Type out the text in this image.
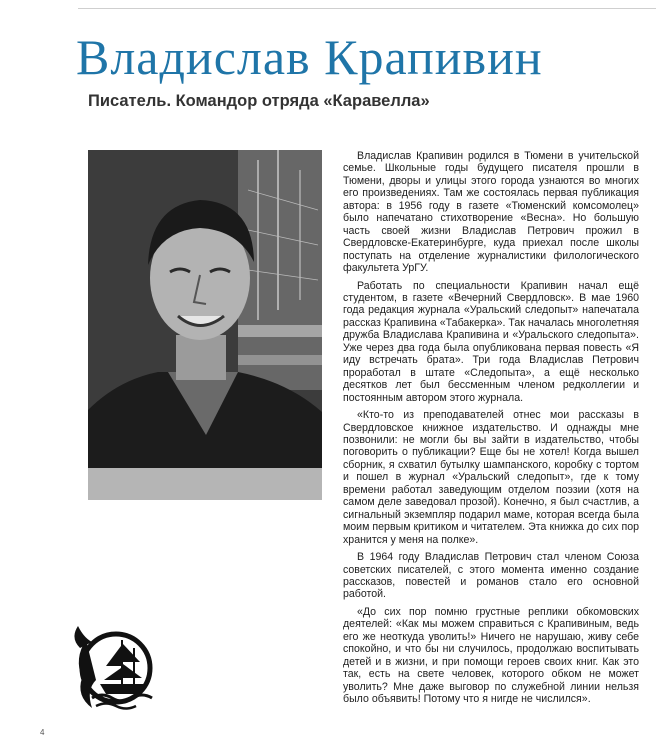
Владислав Крапивин
Писатель. Командор отряда «Каравелла»

Владислав Крапивин родился в Тюмени в учительской семье. Школьные годы будущего писателя прошли в Тюмени, дворы и улицы этого города узнаются во многих его произведениях. Там же состоялась первая публикация автора: в 1956 году в газете «Тюменский комсомолец» было напечатано стихотворение «Весна». Но большую часть своей жизни Владислав Петрович прожил в Свердловске-Екатеринбурге, куда приехал после школы поступать на отделение журналистики филологического факультета УрГУ.

Работать по специальности Крапивин начал ещё студентом, в газете «Вечерний Свердловск». В мае 1960 года редакция журнала «Уральский следопыт» напечатала рассказ Крапивина «Табакерка». Так началась многолетняя дружба Владислава Крапивина и «Уральского следопыта». Уже через два года была опубликована первая повесть «Я иду встречать брата». Три года Владислав Петрович проработал в штате «Следопыта», а ещё несколько десятков лет был бессменным членом редколлегии и постоянным автором этого журнала.

«Кто-то из преподавателей отнес мои рассказы в Свердловское книжное издательство. И однажды мне позвонили: не могли бы вы зайти в издательство, чтобы поговорить о публикации? Еще бы не хотел! Когда вышел сборник, я схватил бутылку шампанского, коробку с тортом и пошел в журнал «Уральский следопыт», где к тому времени работал заведующим отделом поэзии (хотя на самом деле заведовал прозой). Конечно, я был счастлив, а сигнальный экземпляр подарил маме, которая всегда была моим первым критиком и читателем. Эта книжка до сих пор хранится у меня на полке».

В 1964 году Владислав Петрович стал членом Союза советских писателей, с этого момента именно создание рассказов, повестей и романов стало его основной работой.

«До сих пор помню грустные реплики обкомовских деятелей: «Как мы можем справиться с Крапивиным, ведь его же неоткуда уволить!» Ничего не нарушаю, живу себе спокойно, и что бы ни случилось, продолжаю воспитывать детей и в жизни, и при помощи героев своих книг. Как это так, есть на свете человек, которого обком не может уволить? Мне даже выговор по служебной линии нельзя было объявить! Потому что я нигде не числился».

4
